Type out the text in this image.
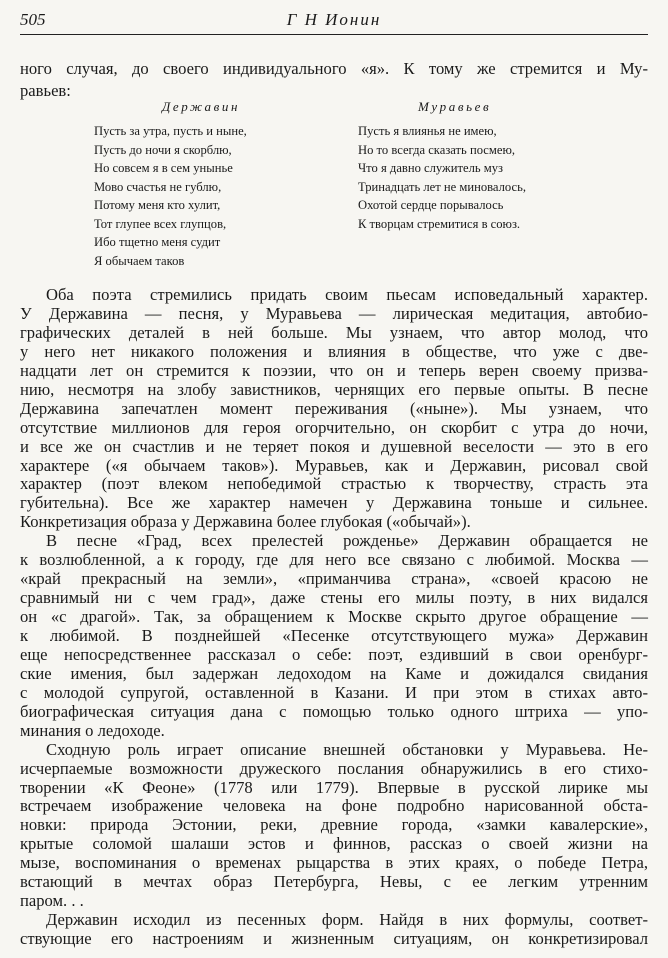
505	Г Н Ионин
ного случая, до своего индивидуального «я». К тому же стремится и Му-
равьев:
Державин
Пусть за утра, пусть и ныне,
Пусть до ночи я скорблю,
Но совсем я в сем унынье
Мово счастья не гублю,
Потому меня кто хулит,
Тот глупее всех глупцов,
Ибо тщетно меня судит
Я обычаем таков
Муравьев
Пусть я влиянья не имею,
Но то всегда сказать посмею,
Что я давно служитель муз
Тринадцать лет не миновалось,
Охотой сердце порывалось
К творцам стремитися в союз.
Оба поэта стремились придать своим пьесам исповедальный характер.
У Державина — песня, у Муравьева — лирическая медитация, автобио-
графических деталей в ней больше. Мы узнаем, что автор молод, что
у него нет никакого положения и влияния в обществе, что уже с две-
надцати лет он стремится к поэзии, что он и теперь верен своему призва-
нию, несмотря на злобу завистников, чернящих его первые опыты. В песне
Державина запечатлен момент переживания («ныне»). Мы узнаем, что
отсутствие миллионов для героя огорчительно, он скорбит с утра до ночи,
и все же он счастлив и не теряет покоя и душевной веселости — это в его
характере («я обычаем таков»). Муравьев, как и Державин, рисовал свой
характер (поэт влеком непобедимой страстью к творчеству, страсть эта
губительна). Все же характер намечен у Державина тоньше и сильнее.
Конкретизация образа у Державина более глубокая («обычай»).
В песне «Град, всех прелестей рожденье» Державин обращается не
к возлюбленной, а к городу, где для него все связано с любимой. Москва —
«край прекрасный на земли», «приманчива страна», «своей красою не
сравнимый ни с чем град», даже стены его милы поэту, в них видался
он «с драгой». Так, за обращением к Москве скрыто другое обращение —
к любимой. В позднейшей «Песенке отсутствующего мужа» Державин
еще непосредственнее рассказал о себе: поэт, ездивший в свои оренбург-
ские имения, был задержан ледоходом на Каме и дожидался свидания
с молодой супругой, оставленной в Казани. И при этом в стихах авто-
биографическая ситуация дана с помощью только одного штриха — упо-
минания о ледоходе.
Сходную роль играет описание внешней обстановки у Муравьева. Не-
исчерпаемые возможности дружеского послания обнаружились в его стихо-
творении «К Феоне» (1778 или 1779). Впервые в русской лирике мы
встречаем изображение человека на фоне подробно нарисованной обста-
новки: природа Эстонии, реки, древние города, «замки кавалерские»,
крытые соломой шалаши эстов и финнов, рассказ о своей жизни на
мызе, воспоминания о временах рыцарства в этих краях, о победе Петра,
встающий в мечтах образ Петербурга, Невы, с ее легким утренним
паром. . .
Державин исходил из песенных форм. Найдя в них формулы, соответ-
ствующие его настроениям и жизненным ситуациям, он конкретизировал
